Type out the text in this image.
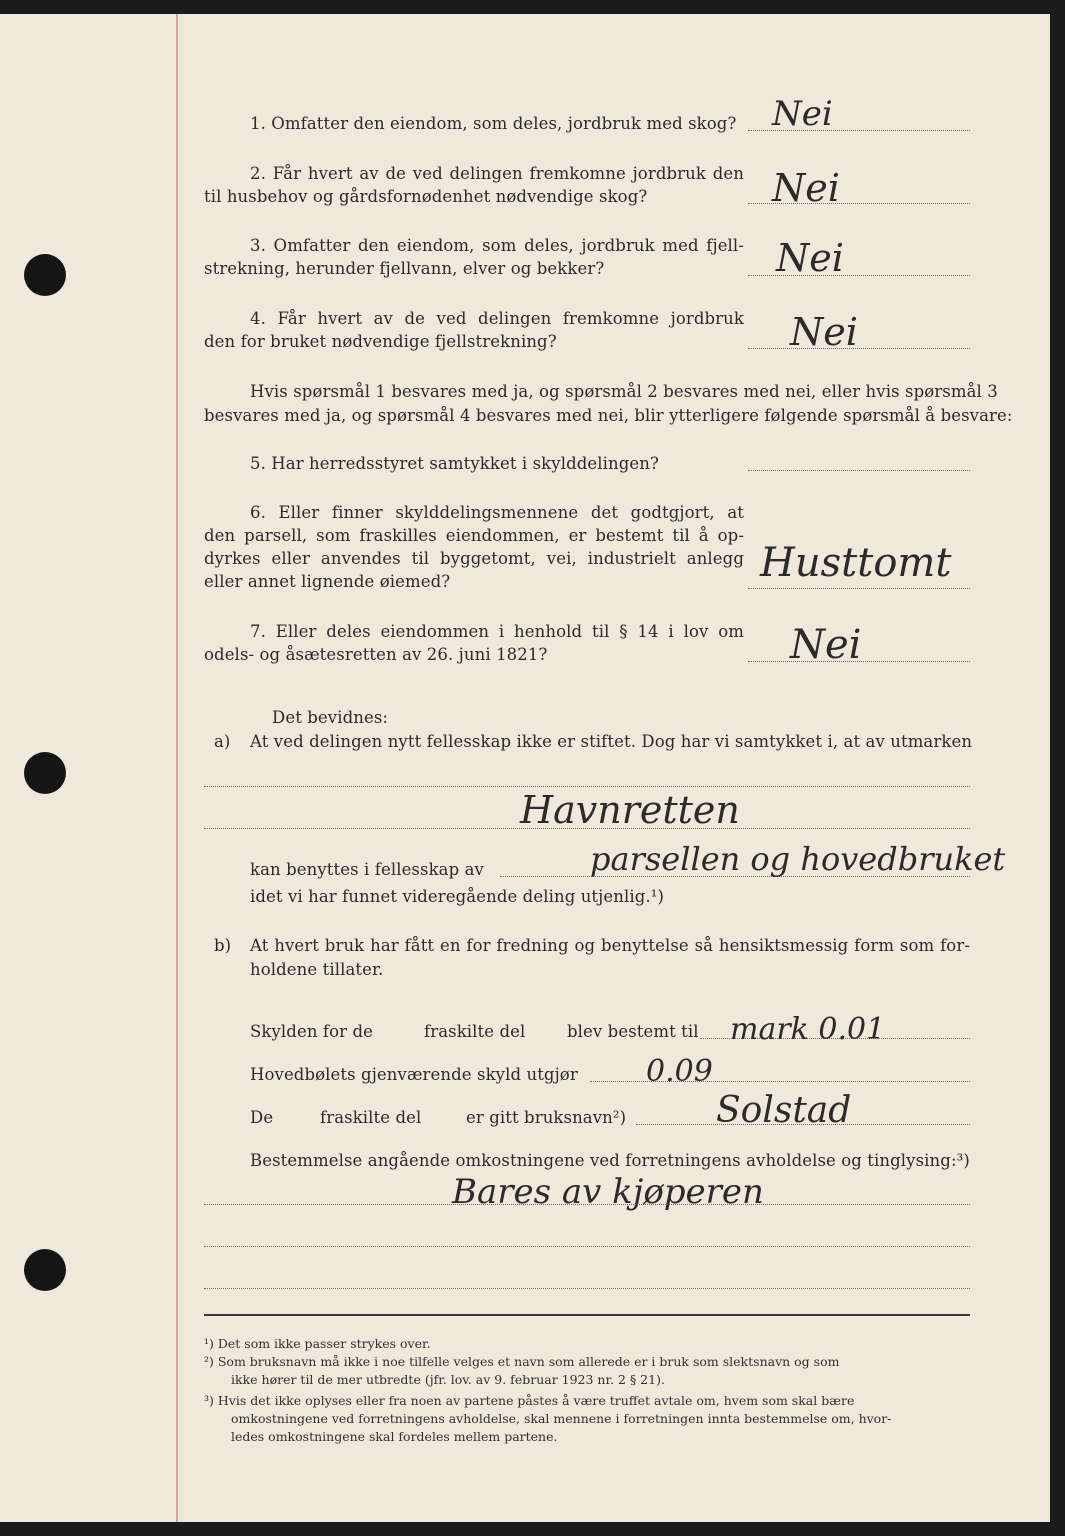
1. Omfatter den eiendom, som deles, jordbruk med skog? Nei
2. Får hvert av de ved delingen fremkomne jordbruk den
til husbehov og gårdsfornødenhet nødvendige skog?	Nei
3. Omfatter den eiendom, som deles, jordbruk med fjell-
strekning, herunder fjellvann, elver og bekker?	Nei
4. Får hvert av de ved delingen fremkomne jordbruk
den for bruket nødvendige fjellstrekning?	Nei
Hvis spørsmål 1 besvares med ja, og spørsmål 2 besvares med nei, eller hvis spørsmål 3
besvares med ja, og spørsmål 4 besvares med nei, blir ytterligere følgende spørsmål å besvare:
5. Har herredsstyret samtykket i skylddelingen?
6. Eller finner skylddelingsmennene det godtgjort, at
den parsell, som fraskilles eiendommen, er bestemt til å op-
dyrkes eller anvendes til byggetomt, vei, industrielt anlegg
eller annet lignende øiemed?	Husttomt
7. Eller deles eiendommen i henhold til § 14 i lov om
odels- og åsætesretten av 26. juni 1821?	Nei
Det bevidnes:
a) At ved delingen nytt fellesskap ikke er stiftet. Dog har vi samtykket i, at av utmarken
Havnretten
kan benyttes i fellesskap av	parsellen og hovedbruket
idet vi har funnet videregående deling utjenlig.¹)
b) At hvert bruk har fått en for fredning og benyttelse så hensiktsmessig form som for-
holdene tillater.
Skylden for de	fraskilte del	blev bestemt til mark 0.01
Hovedbølets gjenværende skyld utgjør 0.09
De	fraskilte del	er gitt bruksnavn²) Solstad
Bestemmelse angående omkostningene ved forretningens avholdelse og tinglysing:³)
Bares av kjøperen
¹) Det som ikke passer strykes over.
²) Som bruksnavn må ikke i noe tilfelle velges et navn som allerede er i bruk som slektsnavn og som
ikke hører til de mer utbredte (jfr. lov. av 9. februar 1923 nr. 2 § 21).
³) Hvis det ikke oplyses eller fra noen av partene påstes å være truffet avtale om, hvem som skal bære
omkostningene ved forretningens avholdelse, skal mennene i forretningen innta bestemmelse om, hvor-
ledes omkostningene skal fordeles mellem partene.
